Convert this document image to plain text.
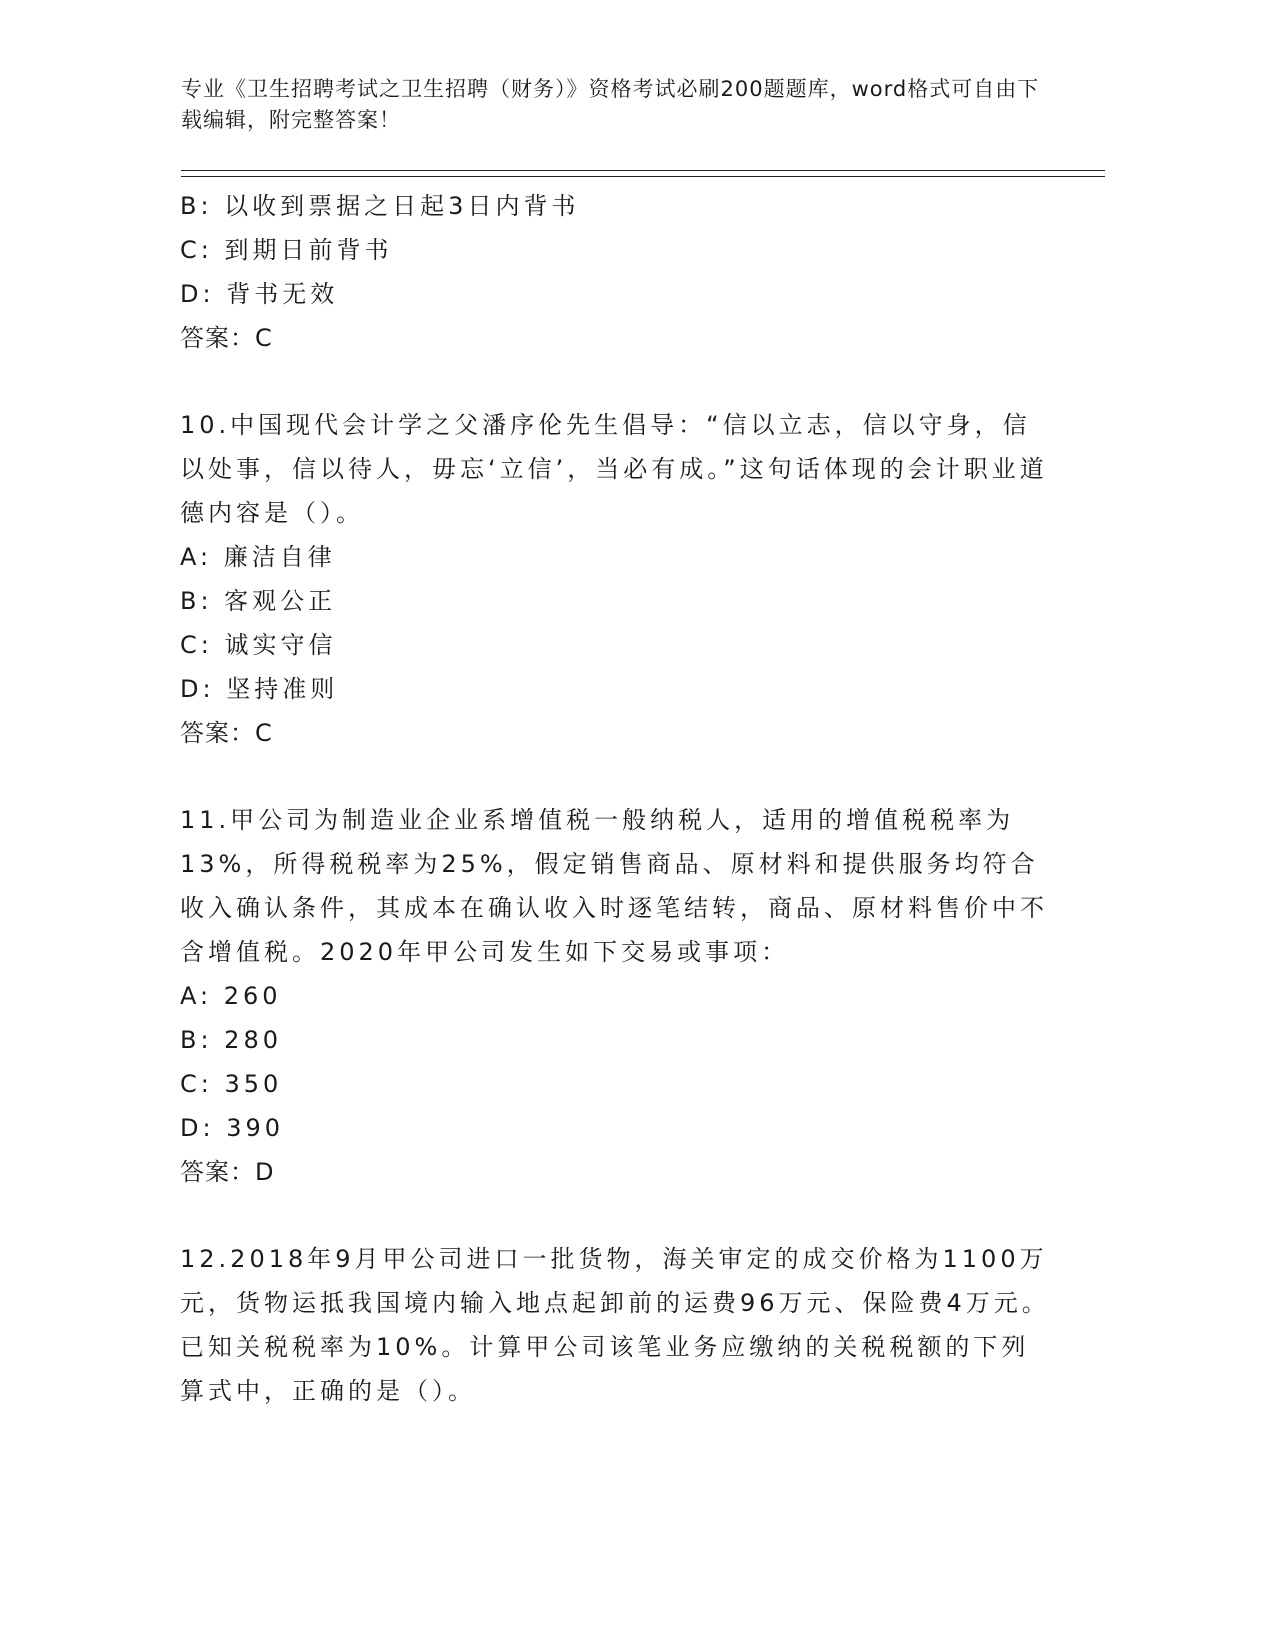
专业《卫生招聘考试之卫生招聘（财务）》资格考试必刷200题题库，word格式可自由下载编辑，附完整答案！
B: 以收到票据之日起3日内背书
C: 到期日前背书
D: 背书无效
答案：C
10.中国现代会计学之父潘序伦先生倡导：“信以立志，信以守身，信以处事，信以待人，毋忘‘立信’，当必有成。”这句话体现的会计职业道德内容是（）。
A: 廉洁自律
B: 客观公正
C: 诚实守信
D: 坚持准则
答案：C
11.甲公司为制造业企业系增值税一般纳税人，适用的增值税税率为13%，所得税税率为25%，假定销售商品、原材料和提供服务均符合收入确认条件，其成本在确认收入时逐笔结转，商品、原材料售价中不含增值税。2020年甲公司发生如下交易或事项：
A: 260
B: 280
C: 350
D: 390
答案：D
12.2018年9月甲公司进口一批货物，海关审定的成交价格为1100万元，货物运抵我国境内输入地点起卸前的运费96万元、保险费4万元。已知关税税率为10%。计算甲公司该笔业务应缴纳的关税税额的下列算式中，正确的是（）。
